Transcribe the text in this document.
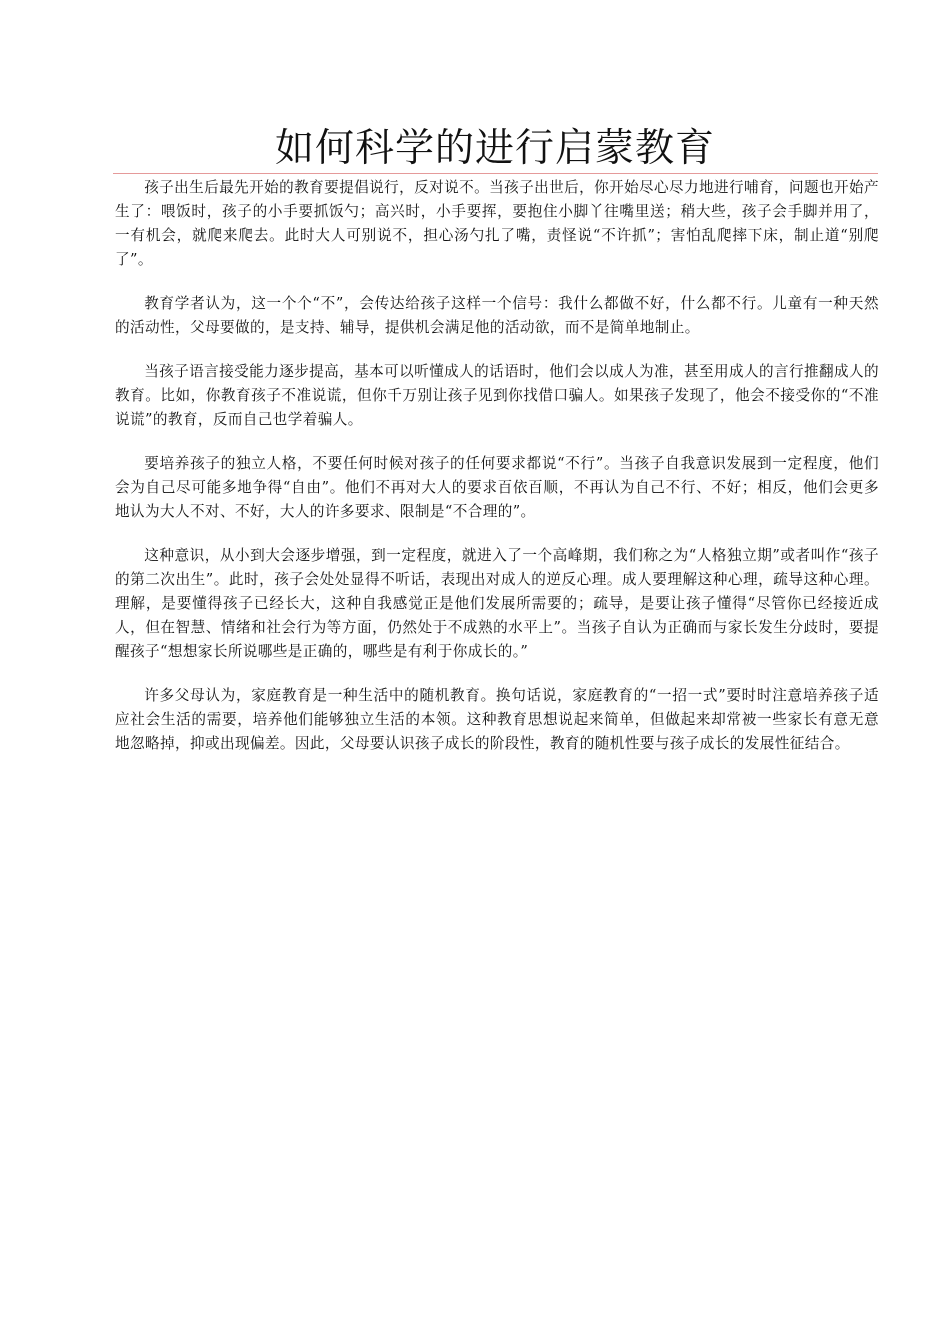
如何科学的进行启蒙教育

孩子出生后最先开始的教育要提倡说行，反对说不。当孩子出世后，你开始尽心尽力地进行哺育，问题也开始产生了：喂饭时，孩子的小手要抓饭勺；高兴时，小手要挥，要抱住小脚丫往嘴里送；稍大些，孩子会手脚并用了，一有机会，就爬来爬去。此时大人可别说不，担心汤勺扎了嘴，责怪说“不许抓”；害怕乱爬摔下床，制止道“别爬了”。

教育学者认为，这一个个“不”，会传达给孩子这样一个信号：我什么都做不好，什么都不行。儿童有一种天然的活动性，父母要做的，是支持、辅导，提供机会满足他的活动欲，而不是简单地制止。

当孩子语言接受能力逐步提高，基本可以听懂成人的话语时，他们会以成人为准，甚至用成人的言行推翻成人的教育。比如，你教育孩子不准说谎，但你千万别让孩子见到你找借口骗人。如果孩子发现了，他会不接受你的“不准说谎”的教育，反而自己也学着骗人。

要培养孩子的独立人格，不要任何时候对孩子的任何要求都说“不行”。当孩子自我意识发展到一定程度，他们会为自己尽可能多地争得“自由”。他们不再对大人的要求百依百顺，不再认为自己不行、不好；相反，他们会更多地认为大人不对、不好，大人的许多要求、限制是“不合理的”。

这种意识，从小到大会逐步增强，到一定程度，就进入了一个高峰期，我们称之为“人格独立期”或者叫作“孩子的第二次出生”。此时，孩子会处处显得不听话，表现出对成人的逆反心理。成人要理解这种心理，疏导这种心理。理解，是要懂得孩子已经长大，这种自我感觉正是他们发展所需要的；疏导，是要让孩子懂得“尽管你已经接近成人，但在智慧、情绪和社会行为等方面，仍然处于不成熟的水平上”。当孩子自认为正确而与家长发生分歧时，要提醒孩子“想想家长所说哪些是正确的，哪些是有利于你成长的。”

许多父母认为，家庭教育是一种生活中的随机教育。换句话说，家庭教育的“一招一式”要时时注意培养孩子适应社会生活的需要，培养他们能够独立生活的本领。这种教育思想说起来简单，但做起来却常被一些家长有意无意地忽略掉，抑或出现偏差。因此，父母要认识孩子成长的阶段性，教育的随机性要与孩子成长的发展性征结合。
